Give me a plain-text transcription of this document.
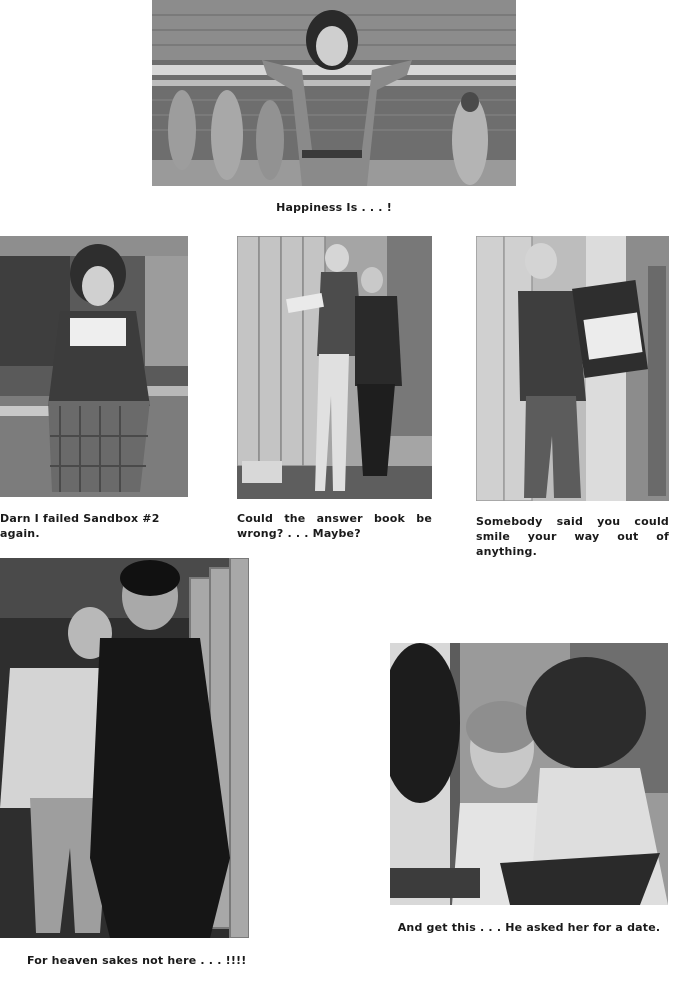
Happiness Is . . . !
Darn I failed Sandbox #2 again.
Could the answer book be wrong? . . . Maybe?
Somebody said you could smile your way out of anything.
For heaven sakes not here . . . !!!!
And get this . . . He asked her for a date.
